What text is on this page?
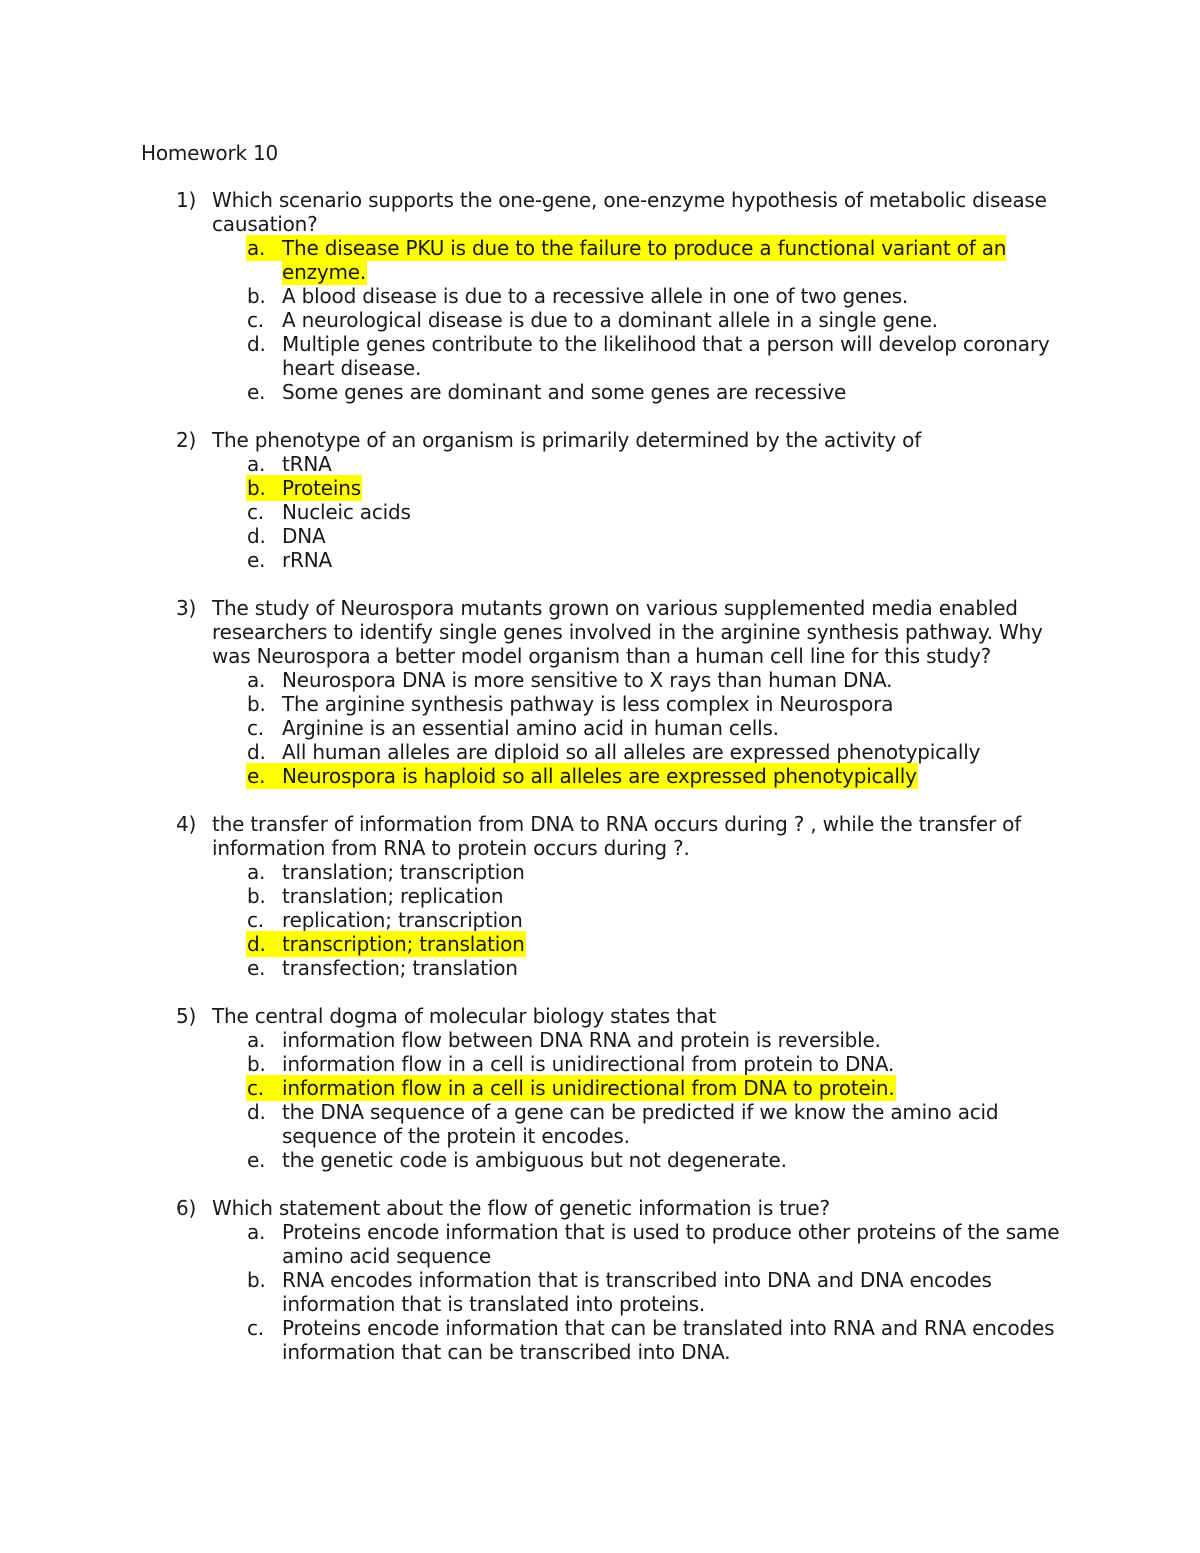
Homework 10
1) Which scenario supports the one-gene, one-enzyme hypothesis of metabolic disease causation?
a. The disease PKU is due to the failure to produce a functional variant of an enzyme.
b. A blood disease is due to a recessive allele in one of two genes.
c. A neurological disease is due to a dominant allele in a single gene.
d. Multiple genes contribute to the likelihood that a person will develop coronary heart disease.
e. Some genes are dominant and some genes are recessive
2) The phenotype of an organism is primarily determined by the activity of
a. tRNA
b. Proteins
c. Nucleic acids
d. DNA
e. rRNA
3) The study of Neurospora mutants grown on various supplemented media enabled researchers to identify single genes involved in the arginine synthesis pathway. Why was Neurospora a better model organism than a human cell line for this study?
a. Neurospora DNA is more sensitive to X rays than human DNA.
b. The arginine synthesis pathway is less complex in Neurospora
c. Arginine is an essential amino acid in human cells.
d. All human alleles are diploid so all alleles are expressed phenotypically
e. Neurospora is haploid so all alleles are expressed phenotypically
4) the transfer of information from DNA to RNA occurs during ? , while the transfer of information from RNA to protein occurs during ?.
a. translation; transcription
b. translation; replication
c. replication; transcription
d. transcription; translation
e. transfection; translation
5) The central dogma of molecular biology states that
a. information flow between DNA RNA and protein is reversible.
b. information flow in a cell is unidirectional from protein to DNA.
c. information flow in a cell is unidirectional from DNA to protein.
d. the DNA sequence of a gene can be predicted if we know the amino acid sequence of the protein it encodes.
e. the genetic code is ambiguous but not degenerate.
6) Which statement about the flow of genetic information is true?
a. Proteins encode information that is used to produce other proteins of the same amino acid sequence
b. RNA encodes information that is transcribed into DNA and DNA encodes information that is translated into proteins.
c. Proteins encode information that can be translated into RNA and RNA encodes information that can be transcribed into DNA.
